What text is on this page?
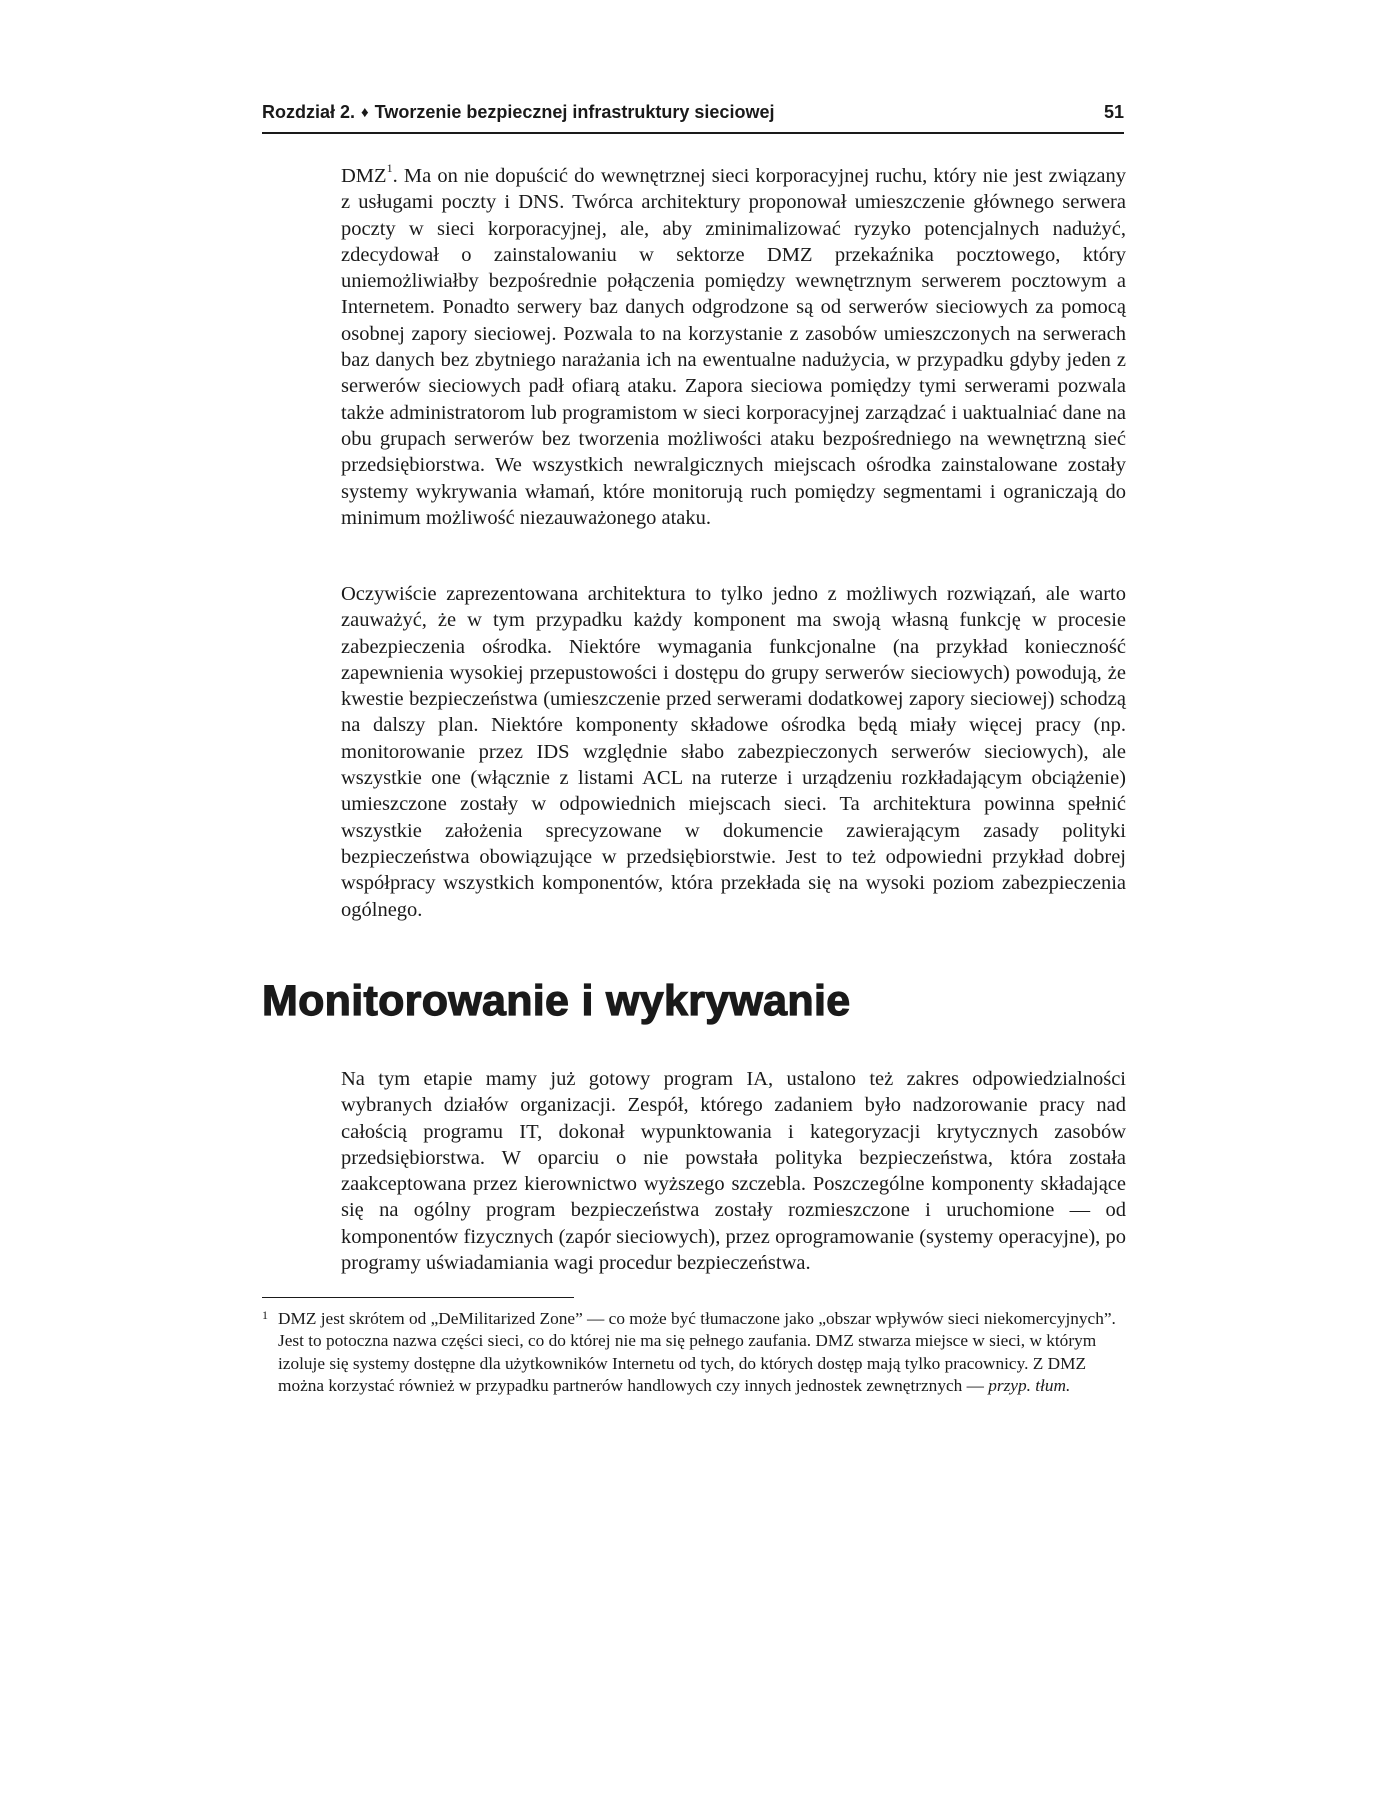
Rozdział 2. ♦ Tworzenie bezpiecznej infrastruktury sieciowej	51

DMZ$^1$. Ma on nie dopuścić do wewnętrznej sieci korporacyjnej ruchu, który nie jest związany z usługami poczty i DNS. Twórca architektury proponował umieszczenie głównego serwera poczty w sieci korporacyjnej, ale, aby zminimalizować ryzyko potencjalnych nadużyć, zdecydował o zainstalowaniu w sektorze DMZ przekaźnika pocztowego, który uniemożliwiałby bezpośrednie połączenia pomiędzy wewnętrznym serwerem pocztowym a Internetem. Ponadto serwery baz danych odgrodzone są od serwerów sieciowych za pomocą osobnej zapory sieciowej. Pozwala to na korzystanie z zasobów umieszczonych na serwerach baz danych bez zbytniego narażania ich na ewentualne nadużycia, w przypadku gdyby jeden z serwerów sieciowych padł ofiarą ataku. Zapora sieciowa pomiędzy tymi serwerami pozwala także administratorom lub programistom w sieci korporacyjnej zarządzać i uaktualniać dane na obu grupach serwerów bez tworzenia możliwości ataku bezpośredniego na wewnętrzną sieć przedsiębiorstwa. We wszystkich newralgicznych miejscach ośrodka zainstalowane zostały systemy wykrywania włamań, które monitorują ruch pomiędzy segmentami i ograniczają do minimum możliwość niezauważonego ataku.

Oczywiście zaprezentowana architektura to tylko jedno z możliwych rozwiązań, ale warto zauważyć, że w tym przypadku każdy komponent ma swoją własną funkcję w procesie zabezpieczenia ośrodka. Niektóre wymagania funkcjonalne (na przykład konieczność zapewnienia wysokiej przepustowości i dostępu do grupy serwerów sieciowych) powodują, że kwestie bezpieczeństwa (umieszczenie przed serwerami dodatkowej zapory sieciowej) schodzą na dalszy plan. Niektóre komponenty składowe ośrodka będą miały więcej pracy (np. monitorowanie przez IDS względnie słabo zabezpieczonych serwerów sieciowych), ale wszystkie one (włącznie z listami ACL na ruterze i urządzeniu rozkładającym obciążenie) umieszczone zostały w odpowiednich miejscach sieci. Ta architektura powinna spełnić wszystkie założenia sprecyzowane w dokumencie zawierającym zasady polityki bezpieczeństwa obowiązujące w przedsiębiorstwie. Jest to też odpowiedni przykład dobrej współpracy wszystkich komponentów, która przekłada się na wysoki poziom zabezpieczenia ogólnego.

Monitorowanie i wykrywanie

Na tym etapie mamy już gotowy program IA, ustalono też zakres odpowiedzialności wybranych działów organizacji. Zespół, którego zadaniem było nadzorowanie pracy nad całością programu IT, dokonał wypunktowania i kategoryzacji krytycznych zasobów przedsiębiorstwa. W oparciu o nie powstała polityka bezpieczeństwa, która została zaakceptowana przez kierownictwo wyższego szczebla. Poszczególne komponenty składające się na ogólny program bezpieczeństwa zostały rozmieszczone i uruchomione — od komponentów fizycznych (zapór sieciowych), przez oprogramowanie (systemy operacyjne), po programy uświadamiania wagi procedur bezpieczeństwa.

1 DMZ jest skrótem od „DeMilitarized Zone” — co może być tłumaczone jako „obszar wpływów sieci niekomercyjnych”. Jest to potoczna nazwa części sieci, co do której nie ma się pełnego zaufania. DMZ stwarza miejsce w sieci, w którym izoluje się systemy dostępne dla użytkowników Internetu od tych, do których dostęp mają tylko pracownicy. Z DMZ można korzystać również w przypadku partnerów handlowych czy innych jednostek zewnętrznych — przyp. tłum.
